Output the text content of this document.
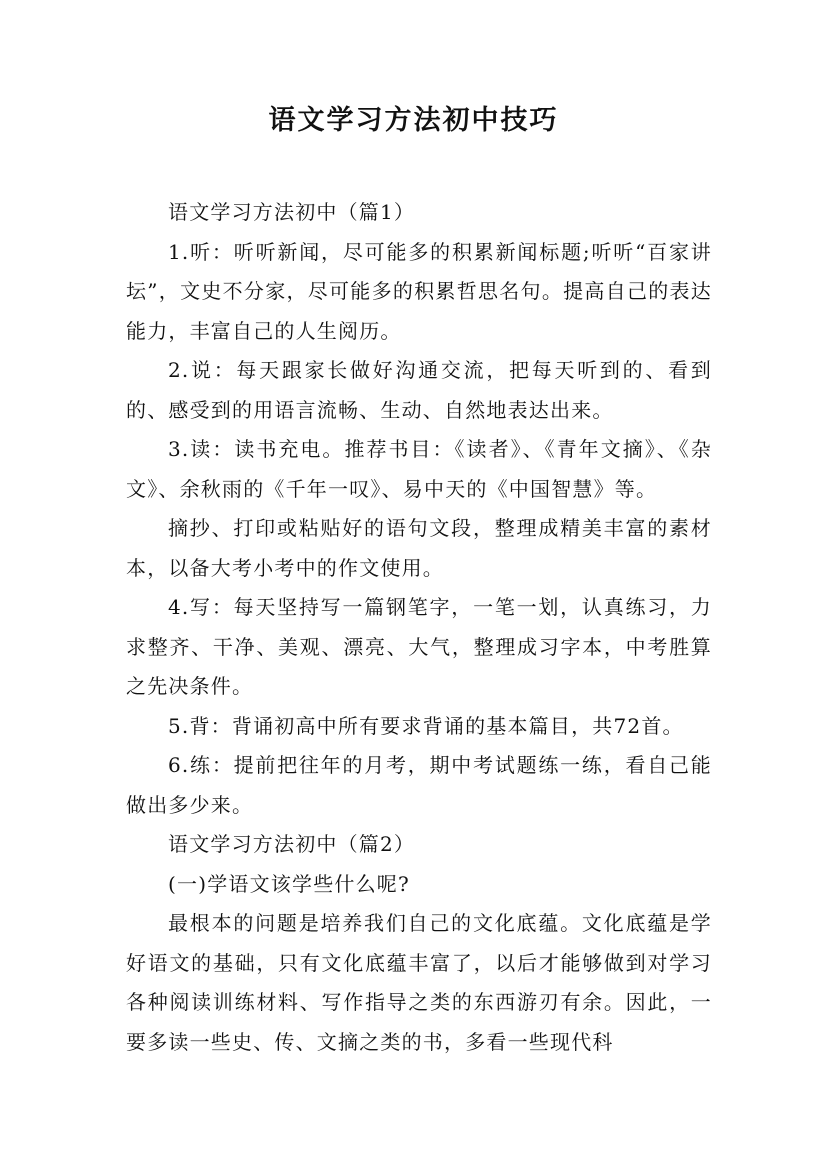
语文学习方法初中技巧

语文学习方法初中（篇1）

1.听：听听新闻，尽可能多的积累新闻标题;听听“百家讲坛”，文史不分家，尽可能多的积累哲思名句。提高自己的表达能力，丰富自己的人生阅历。

2.说：每天跟家长做好沟通交流，把每天听到的、看到的、感受到的用语言流畅、生动、自然地表达出来。

3.读：读书充电。推荐书目：《读者》、《青年文摘》、《杂文》、余秋雨的《千年一叹》、易中天的《中国智慧》等。

摘抄、打印或粘贴好的语句文段，整理成精美丰富的素材本，以备大考小考中的作文使用。

4.写：每天坚持写一篇钢笔字，一笔一划，认真练习，力求整齐、干净、美观、漂亮、大气，整理成习字本，中考胜算之先决条件。

5.背：背诵初高中所有要求背诵的基本篇目，共72首。

6.练：提前把往年的月考，期中考试题练一练，看自己能做出多少来。

语文学习方法初中（篇2）

(一)学语文该学些什么呢?

最根本的问题是培养我们自己的文化底蕴。文化底蕴是学好语文的基础，只有文化底蕴丰富了，以后才能够做到对学习各种阅读训练材料、写作指导之类的东西游刃有余。因此，一要多读一些史、传、文摘之类的书，多看一些现代科
